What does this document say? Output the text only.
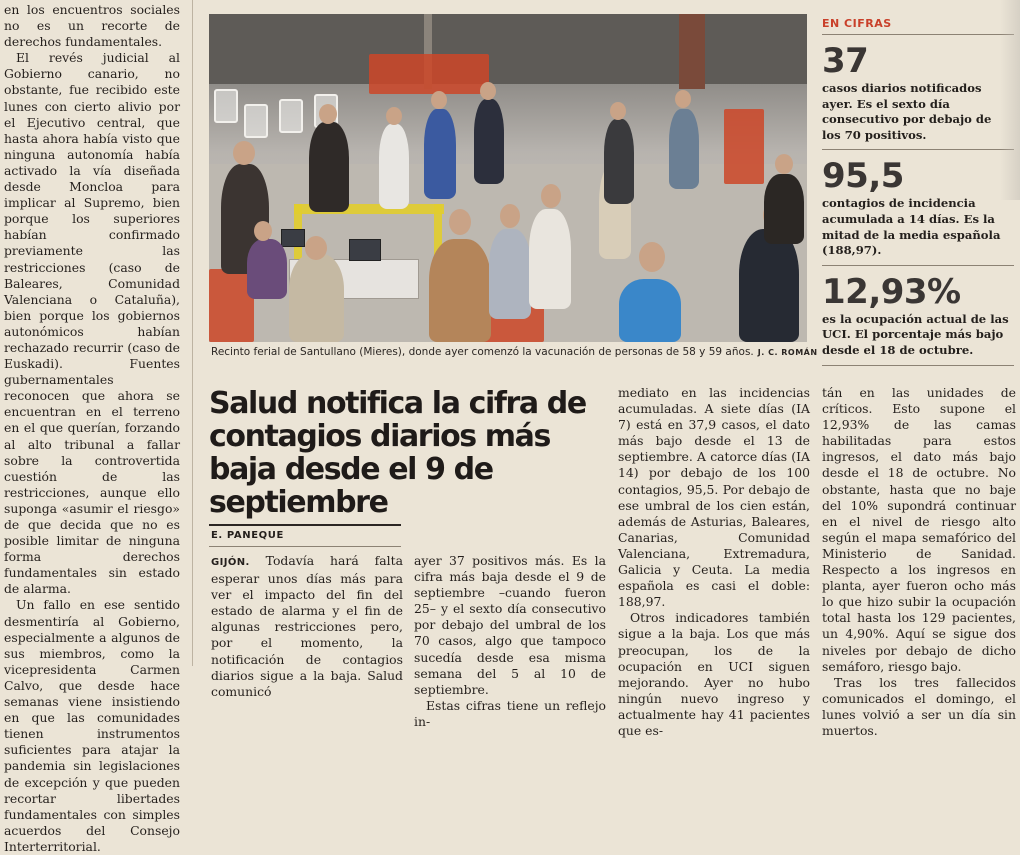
en los encuentros sociales no es un recorte de derechos fundamentales.

El revés judicial al Gobierno canario, no obstante, fue recibido este lunes con cierto alivio por el Ejecutivo central, que hasta ahora había visto que ninguna autonomía había activado la vía diseñada desde Moncloa para implicar al Supremo, bien porque los superiores habían confirmado previamente las restricciones (caso de Baleares, Comunidad Valenciana o Cataluña), bien porque los gobiernos autonómicos habían rechazado recurrir (caso de Euskadi). Fuentes gubernamentales reconocen que ahora se encuentran en el terreno en el que querían, forzando al alto tribunal a fallar sobre la controvertida cuestión de las restricciones, aunque ello suponga «asumir el riesgo» de que decida que no es posible limitar de ninguna forma derechos fundamentales sin estado de alarma.

Un fallo en ese sentido desmentiría al Gobierno, especialmente a algunos de sus miembros, como la vicepresidenta Carmen Calvo, que desde hace semanas viene insistiendo en que las comunidades tienen instrumentos suficientes para atajar la pandemia sin legislaciones de excepción y que pueden recortar libertades fundamentales con simples acuerdos del Consejo Interterritorial.

Recinto ferial de Santullano (Mieres), donde ayer comenzó la vacunación de personas de 58 y 59 años. J. C. ROMÁN
Salud notifica la cifra de contagios diarios más baja desde el 9 de septiembre
E. PANEQUE

GIJÓN. Todavía hará falta esperar unos días más para ver el impacto del fin del estado de alarma y el fin de algunas restricciones pero, por el momento, la notificación de contagios diarios sigue a la baja. Salud comunicó

ayer 37 positivos más. Es la cifra más baja desde el 9 de septiembre –cuando fueron 25– y el sexto día consecutivo por debajo del umbral de los 70 casos, algo que tampoco sucedía desde esa misma semana del 5 al 10 de septiembre.

Estas cifras tiene un reflejo in-

mediato en las incidencias acumuladas. A siete días (IA 7) está en 37,9 casos, el dato más bajo desde el 13 de septiembre. A catorce días (IA 14) por debajo de los 100 contagios, 95,5. Por debajo de ese umbral de los cien están, además de Asturias, Baleares, Canarias, Comunidad Valenciana, Extremadura, Galicia y Ceuta. La media española es casi el doble: 188,97.

Otros indicadores también sigue a la baja. Los que más preocupan, los de la ocupación en UCI siguen mejorando. Ayer no hubo ningún nuevo ingreso y actualmente hay 41 pacientes que es-

tán en las unidades de críticos. Esto supone el 12,93% de las camas habilitadas para estos ingresos, el dato más bajo desde el 18 de octubre. No obstante, hasta que no baje del 10% supondrá continuar en el nivel de riesgo alto según el mapa semafórico del Ministerio de Sanidad. Respecto a los ingresos en planta, ayer fueron ocho más lo que hizo subir la ocupación total hasta los 129 pacientes, un 4,90%. Aquí se sigue dos niveles por debajo de dicho semáforo, riesgo bajo.

Tras los tres fallecidos comunicados el domingo, el lunes volvió a ser un día sin muertos.

EN CIFRAS
37
casos diarios notificados ayer. Es el sexto día consecutivo por debajo de los 70 positivos.
95,5
contagios de incidencia acumulada a 14 días. Es la mitad de la media española (188,97).
12,93%
es la ocupación actual de las UCI. El porcentaje más bajo desde el 18 de octubre.
